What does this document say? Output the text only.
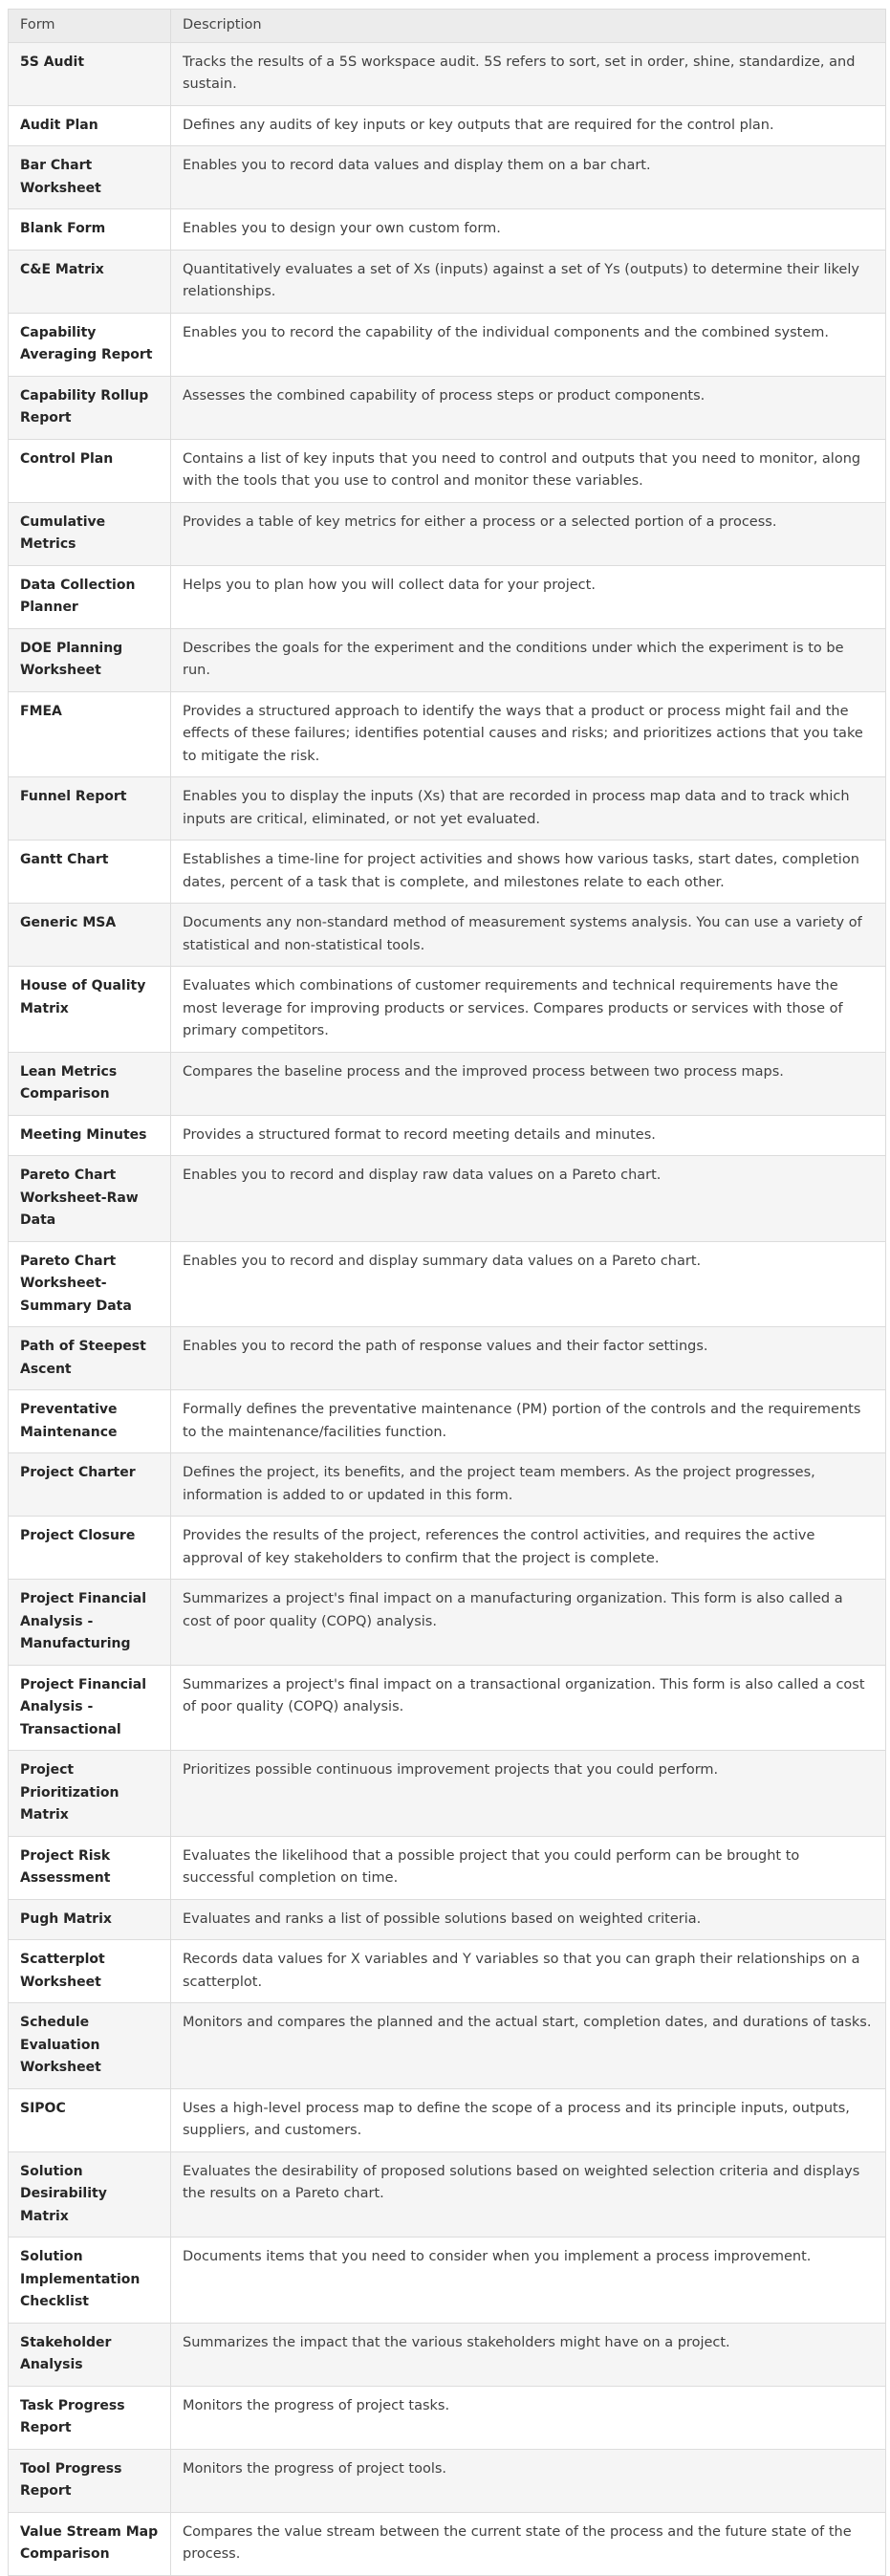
Form	Description
5S Audit	Tracks the results of a 5S workspace audit. 5S refers to sort, set in order, shine, standardize, and sustain.
Audit Plan	Defines any audits of key inputs or key outputs that are required for the control plan.
Bar Chart Worksheet	Enables you to record data values and display them on a bar chart.
Blank Form	Enables you to design your own custom form.
C&E Matrix	Quantitatively evaluates a set of Xs (inputs) against a set of Ys (outputs) to determine their likely relationships.
Capability Averaging Report	Enables you to record the capability of the individual components and the combined system.
Capability Rollup Report	Assesses the combined capability of process steps or product components.
Control Plan	Contains a list of key inputs that you need to control and outputs that you need to monitor, along with the tools that you use to control and monitor these variables.
Cumulative Metrics	Provides a table of key metrics for either a process or a selected portion of a process.
Data Collection Planner	Helps you to plan how you will collect data for your project.
DOE Planning Worksheet	Describes the goals for the experiment and the conditions under which the experiment is to be run.
FMEA	Provides a structured approach to identify the ways that a product or process might fail and the effects of these failures; identifies potential causes and risks; and prioritizes actions that you take to mitigate the risk.
Funnel Report	Enables you to display the inputs (Xs) that are recorded in process map data and to track which inputs are critical, eliminated, or not yet evaluated.
Gantt Chart	Establishes a time-line for project activities and shows how various tasks, start dates, completion dates, percent of a task that is complete, and milestones relate to each other.
Generic MSA	Documents any non-standard method of measurement systems analysis. You can use a variety of statistical and non-statistical tools.
House of Quality Matrix	Evaluates which combinations of customer requirements and technical requirements have the most leverage for improving products or services. Compares products or services with those of primary competitors.
Lean Metrics Comparison	Compares the baseline process and the improved process between two process maps.
Meeting Minutes	Provides a structured format to record meeting details and minutes.
Pareto Chart Worksheet-Raw Data	Enables you to record and display raw data values on a Pareto chart.
Pareto Chart Worksheet-Summary Data	Enables you to record and display summary data values on a Pareto chart.
Path of Steepest Ascent	Enables you to record the path of response values and their factor settings.
Preventative Maintenance	Formally defines the preventative maintenance (PM) portion of the controls and the requirements to the maintenance/facilities function.
Project Charter	Defines the project, its benefits, and the project team members. As the project progresses, information is added to or updated in this form.
Project Closure	Provides the results of the project, references the control activities, and requires the active approval of key stakeholders to confirm that the project is complete.
Project Financial Analysis - Manufacturing	Summarizes a project's final impact on a manufacturing organization. This form is also called a cost of poor quality (COPQ) analysis.
Project Financial Analysis - Transactional	Summarizes a project's final impact on a transactional organization. This form is also called a cost of poor quality (COPQ) analysis.
Project Prioritization Matrix	Prioritizes possible continuous improvement projects that you could perform.
Project Risk Assessment	Evaluates the likelihood that a possible project that you could perform can be brought to successful completion on time.
Pugh Matrix	Evaluates and ranks a list of possible solutions based on weighted criteria.
Scatterplot Worksheet	Records data values for X variables and Y variables so that you can graph their relationships on a scatterplot.
Schedule Evaluation Worksheet	Monitors and compares the planned and the actual start, completion dates, and durations of tasks.
SIPOC	Uses a high-level process map to define the scope of a process and its principle inputs, outputs, suppliers, and customers.
Solution Desirability Matrix	Evaluates the desirability of proposed solutions based on weighted selection criteria and displays the results on a Pareto chart.
Solution Implementation Checklist	Documents items that you need to consider when you implement a process improvement.
Stakeholder Analysis	Summarizes the impact that the various stakeholders might have on a project.
Task Progress Report	Monitors the progress of project tasks.
Tool Progress Report	Monitors the progress of project tools.
Value Stream Map Comparison	Compares the value stream between the current state of the process and the future state of the process.
